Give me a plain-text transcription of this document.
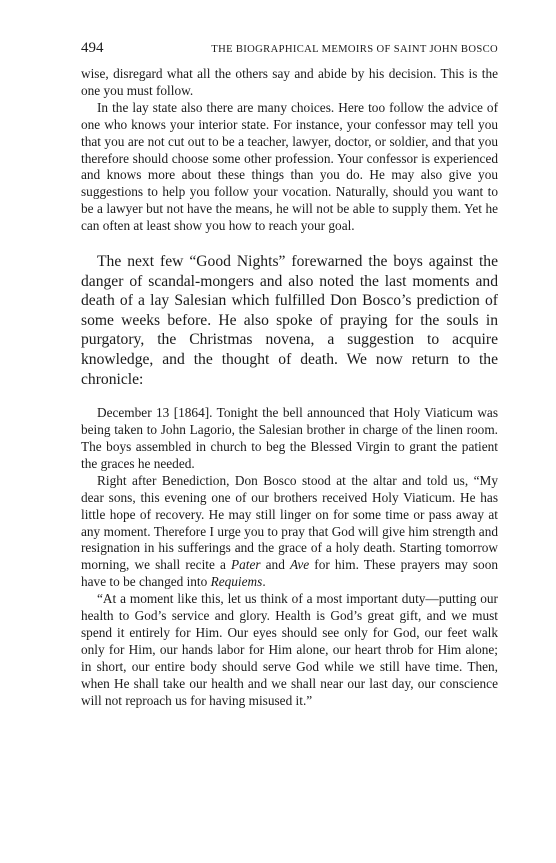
494	THE BIOGRAPHICAL MEMOIRS OF SAINT JOHN BOSCO

wise, disregard what all the others say and abide by his decision. This is the one you must follow.

In the lay state also there are many choices. Here too follow the advice of one who knows your interior state. For instance, your confessor may tell you that you are not cut out to be a teacher, lawyer, doctor, or soldier, and that you therefore should choose some other profession. Your confessor is experienced and knows more about these things than you do. He may also give you suggestions to help you follow your vocation. Naturally, should you want to be a lawyer but not have the means, he will not be able to supply them. Yet he can often at least show you how to reach your goal.

The next few “Good Nights” forewarned the boys against the danger of scandal-mongers and also noted the last moments and death of a lay Salesian which fulfilled Don Bosco’s prediction of some weeks before. He also spoke of praying for the souls in purgatory, the Christmas novena, a suggestion to acquire knowledge, and the thought of death. We now return to the chronicle:

December 13 [1864]. Tonight the bell announced that Holy Viaticum was being taken to John Lagorio, the Salesian brother in charge of the linen room. The boys assembled in church to beg the Blessed Virgin to grant the patient the graces he needed.

Right after Benediction, Don Bosco stood at the altar and told us, “My dear sons, this evening one of our brothers received Holy Viaticum. He has little hope of recovery. He may still linger on for some time or pass away at any moment. Therefore I urge you to pray that God will give him strength and resignation in his sufferings and the grace of a holy death. Starting tomorrow morning, we shall recite a Pater and Ave for him. These prayers may soon have to be changed into Requiems.

“At a moment like this, let us think of a most important duty—putting our health to God’s service and glory. Health is God’s great gift, and we must spend it entirely for Him. Our eyes should see only for God, our feet walk only for Him, our hands labor for Him alone, our heart throb for Him alone; in short, our entire body should serve God while we still have time. Then, when He shall take our health and we shall near our last day, our conscience will not reproach us for having misused it.”
